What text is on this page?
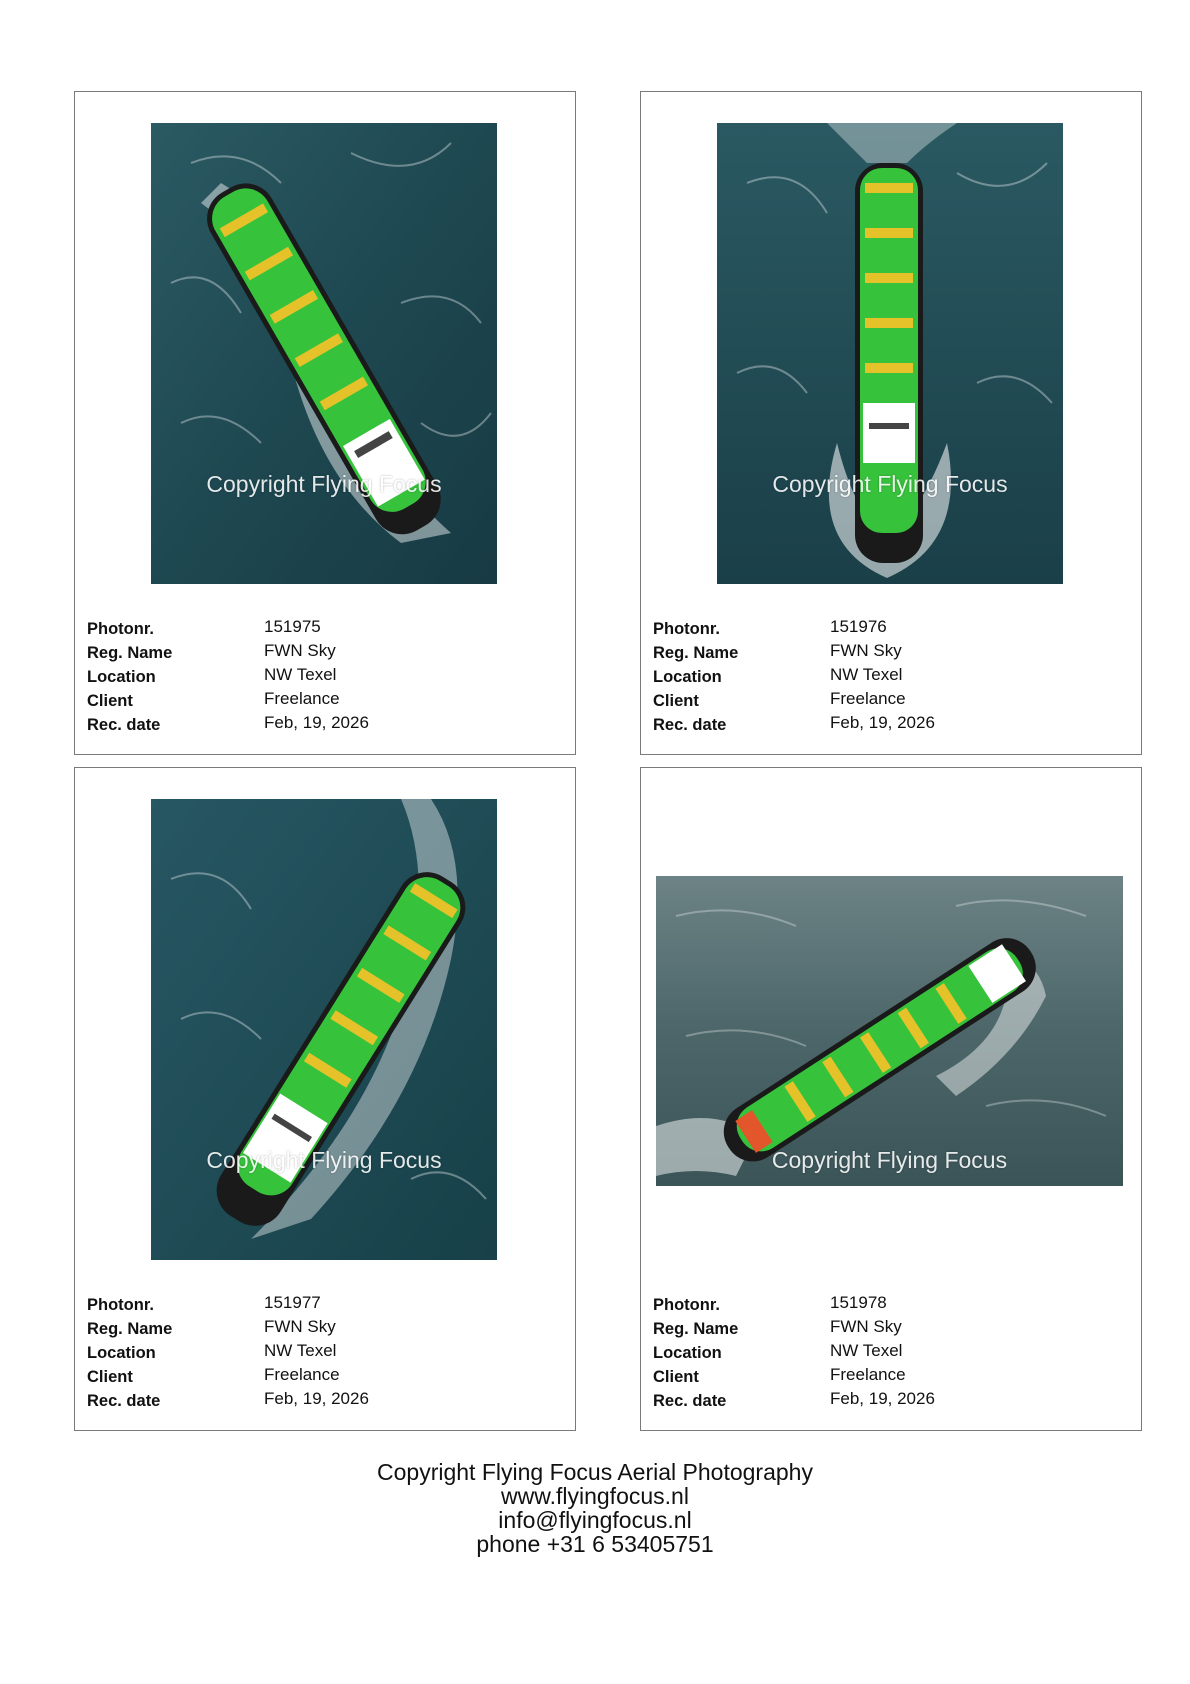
Copyright Flying Focus
Photonr.	151975
Reg. Name	FWN Sky
Location	NW Texel
Client	Freelance
Rec. date	Feb, 19, 2026
Copyright Flying Focus
Photonr.	151976
Reg. Name	FWN Sky
Location	NW Texel
Client	Freelance
Rec. date	Feb, 19, 2026
Copyright Flying Focus
Photonr.	151977
Reg. Name	FWN Sky
Location	NW Texel
Client	Freelance
Rec. date	Feb, 19, 2026
Copyright Flying Focus
Photonr.	151978
Reg. Name	FWN Sky
Location	NW Texel
Client	Freelance
Rec. date	Feb, 19, 2026
Copyright Flying Focus Aerial Photography
www.flyingfocus.nl
info@flyingfocus.nl
phone +31 6 53405751
